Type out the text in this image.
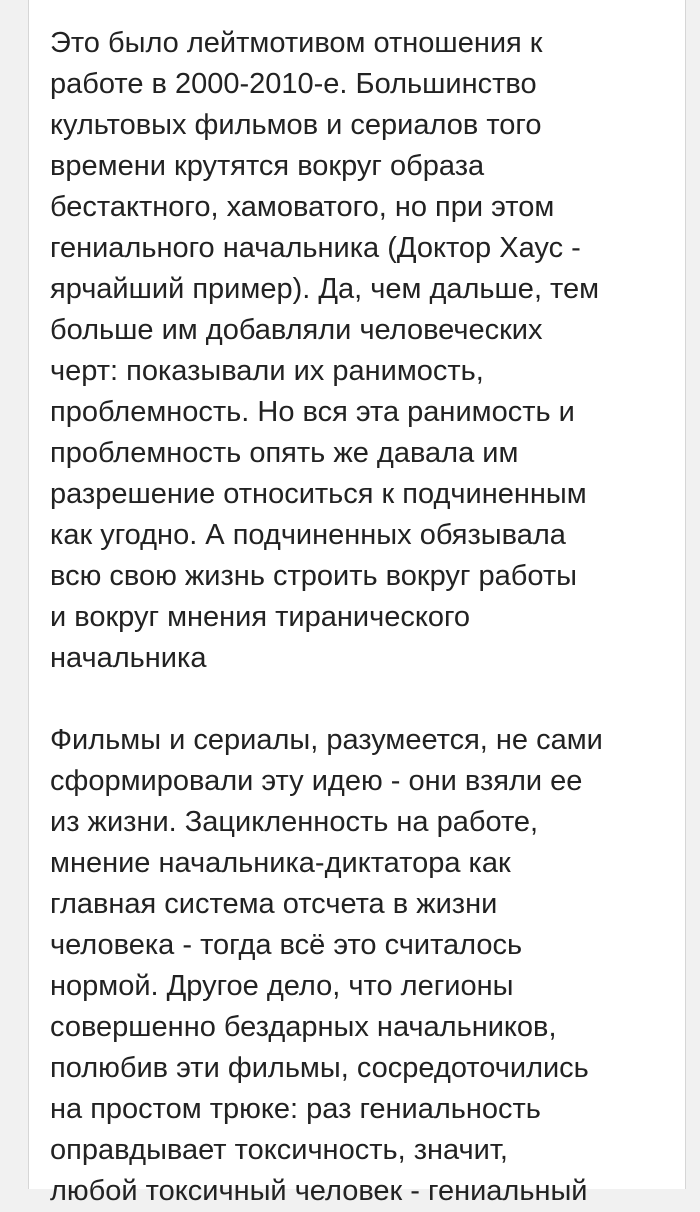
Это было лейтмотивом отношения к
работе в 2000-2010-е. Большинство
культовых фильмов и сериалов того
времени крутятся вокруг образа
бестактного, хамоватого, но при этом
гениального начальника (Доктор Хаус -
ярчайший пример). Да, чем дальше, тем
больше им добавляли человеческих
черт: показывали их ранимость,
проблемность. Но вся эта ранимость и
проблемность опять же давала им
разрешение относиться к подчиненным
как угодно. А подчиненных обязывала
всю свою жизнь строить вокруг работы
и вокруг мнения тиранического
начальника
Фильмы и сериалы, разумеется, не сами
сформировали эту идею - они взяли ее
из жизни. Зацикленность на работе,
мнение начальника-диктатора как
главная система отсчета в жизни
человека - тогда всё это считалось
нормой. Другое дело, что легионы
совершенно бездарных начальников,
полюбив эти фильмы, сосредоточились
на простом трюке: раз гениальность
оправдывает токсичность, значит,
любой токсичный человек - гениальный
